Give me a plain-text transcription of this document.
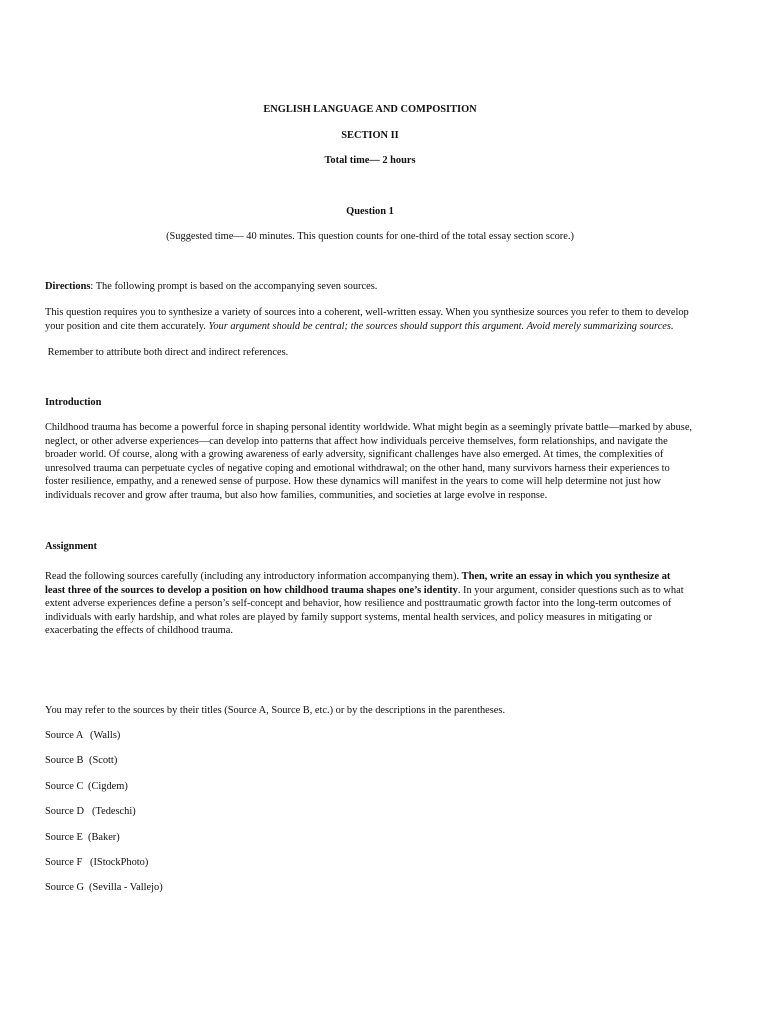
ENGLISH LANGUAGE AND COMPOSITION
SECTION II
Total time— 2 hours
Question 1
(Suggested time— 40 minutes. This question counts for one-third of the total essay section score.)
Directions: The following prompt is based on the accompanying seven sources.
This question requires you to synthesize a variety of sources into a coherent, well-written essay. When you synthesize sources you refer to them to develop your position and cite them accurately. Your argument should be central; the sources should support this argument. Avoid merely summarizing sources.
Remember to attribute both direct and indirect references.
Introduction
Childhood trauma has become a powerful force in shaping personal identity worldwide. What might begin as a seemingly private battle—marked by abuse, neglect, or other adverse experiences—can develop into patterns that affect how individuals perceive themselves, form relationships, and navigate the broader world. Of course, along with a growing awareness of early adversity, significant challenges have also emerged. At times, the complexities of unresolved trauma can perpetuate cycles of negative coping and emotional withdrawal; on the other hand, many survivors harness their experiences to foster resilience, empathy, and a renewed sense of purpose. How these dynamics will manifest in the years to come will help determine not just how individuals recover and grow after trauma, but also how families, communities, and societies at large evolve in response.
Assignment
Read the following sources carefully (including any introductory information accompanying them). Then, write an essay in which you synthesize at least three of the sources to develop a position on how childhood trauma shapes one’s identity. In your argument, consider questions such as to what extent adverse experiences define a person’s self-concept and behavior, how resilience and posttraumatic growth factor into the long-term outcomes of individuals with early hardship, and what roles are played by family support systems, mental health services, and policy measures in mitigating or exacerbating the effects of childhood trauma.
You may refer to the sources by their titles (Source A, Source B, etc.) or by the descriptions in the parentheses.
Source A (Walls)
Source B (Scott)
Source C (Cigdem)
Source D (Tedeschi)
Source E (Baker)
Source F (IStockPhoto)
Source G (Sevilla - Vallejo)
